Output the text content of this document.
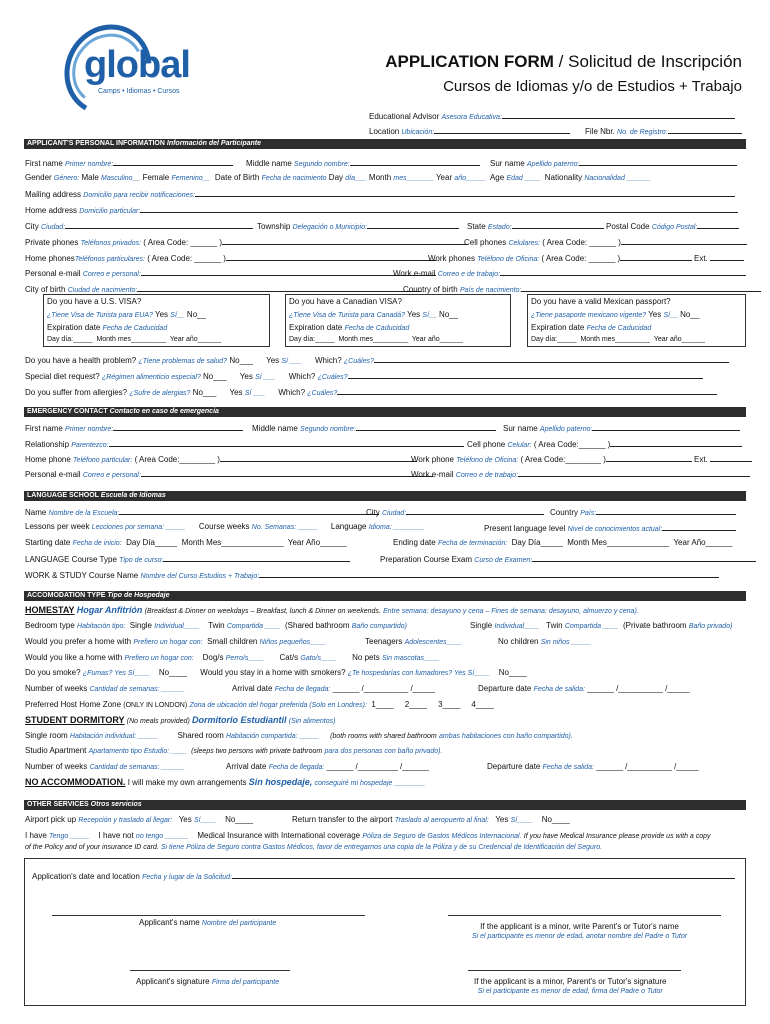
global
Camps • Idiomas • Cursos
APPLICATION FORM / Solicitud de Inscripción
Cursos de Idiomas y/o de Estudios + Trabajo
Educational Advisor Asesora Educativa:
Location Ubicación:	File Nbr. No. de Registro:
APPLICANT'S PERSONAL INFORMATION Información del Participante
First name Primer nombre:	Middle name Segundo nombre:	Sur name Apellido paterno:
Gender Género: Male Masculino__ Female Femenino__ Date of Birth Fecha de nacimiento Day día___ Month mes_______ Year año_____ Age Edad ____ Nationality Nacionalidad ______
Mailing address Domicilio para recibir notificaciones:
Home address Domicilio particular:
City Ciudad:	Township Delegación o Municipio:	State Estado:	Postal Code Código Postal:
Private phones Teléfonos privados: ( Area Code: ______ )	Cell phones Celulares: ( Area Code: ______ )
Home phonesTeléfonos particulares: ( Area Code: ______ )	Work phones Teléfono de Oficina: ( Area Code: ______ )	Ext.
Personal e-mail Correo e personal:	Work e-mail Correo e de trabajo:
City of birth Ciudad de nacimiento:	Country of birth País de nacimiento:
Do you have a U.S. VISA?
¿Tiene Visa de Turista para EUA? Yes Sí__ No__
Expiration date Fecha de Caducidad
Day día:_____ Month mes_________ Year año______
Do you have a Canadian VISA?
¿Tiene Visa de Turista para Canadá? Yes Sí__ No__
Expiration date Fecha de Caducidad
Day día:_____ Month mes_________ Year año______
Do you have a valid Mexican passport?
¿Tiene pasaporte mexicano vigente? Yes Sí__ No__
Expiration date Fecha de Caducidad
Day día:_____ Month mes_________ Year año______
Do you have a health problem? ¿Tiene problemas de salud? No___ Yes Sí ___ Which? ¿Cuáles?
Special diet request? ¿Régimen alimenticio especial? No___ Yes Sí ___ Which? ¿Cuáles?
Do you suffer from allergies? ¿Sufre de alergias? No___ Yes Sí ___ Which? ¿Cuáles?
EMERGENCY CONTACT Contacto en caso de emergencia
First name Primer nombre:	Middle name Segundo nombre:	Sur name Apellido paterno:
Relationship Parentezco:	Cell phone Celular: ( Area Code:______ )
Home phone Teléfono particular: ( Area Code:________ )	Work phone Teléfono de Oficina: ( Area Code:________ )	Ext.
Personal e-mail Correo e personal:	Work e-mail Correo e de trabajo:
LANGUAGE SCHOOL Escuela de Idiomas
Name Nombre de la Escuela:	City Ciudad:	Country País:
Lessons per week Lecciones por semana: _____ Course weeks No. Semanas: _____ Language Idioma: ________	Present language level Nivel de conocimientos actual:
Starting date Fecha de inicio: Day Día_____ Month Mes______________ Year Año______	Ending date Fecha de terminación: Day Día_____ Month Mes______________ Year Año______
LANGUAGE Course Type Tipo de curso:	Preparation Course Exam Curso de Examen:
WORK & STUDY Course Name Nombre del Curso Estudios + Trabajo:
ACCOMODATION TYPE Tipo de Hospedaje
HOMESTAY Hogar Anfitrión (Breakfast & Dinner on weekdays – Breakfast, lunch & Dinner on weekends. Entre semana: desayuno y cena – Fines de semana: desayuno, almuerzo y cena).
Bedroom type Habitación tipo: Single Individual____ Twin Compartida ____ (Shared bathroom Baño compartido)	Single Individual____ Twin Compartida ____ (Private bathroom Baño privado)
Would you prefer a home with Prefiero un hogar con: Small children Niños pequeños____	Teenagers Adolescentes____	No children Sin niños _____
Would you like a home with Prefiero un hogar con: Dog/s Perro/s____ Cat/s Gato/s____ No pets Sin mascotas____
Do you smoke? ¿Fumas? Yes Sí____ No____ Would you stay in a home with smokers? ¿Te hospedarías con fumadores? Yes Sí____ No____
Number of weeks Cantidad de semanas: ______	Arrival date Fecha de llegada: ______ /__________ /_____	Departure date Fecha de salida: ______ /__________ /_____
Preferred Host Home Zone (ONLY IN LONDON) Zona de ubicación del hogar preferida (Solo en Londres): 1____     2____     3____     4____
STUDENT DORMITORY (No meals provided) Dormitorio Estudiantil (Sin alimentos)
Single room Habitación individual: _____	Shared room Habitación compartida: _____ (both rooms with shared bathroom ambas habitaciones con baño compartido).
Studio Apartment Apartamento tipo Estudio: ____ (sleeps two persons with private bathroom para dos personas con baño privado).
Number of weeks Cantidad de semanas: ______	Arrival date Fecha de llegada: ______ /_________ /______	Departure date Fecha de salida: ______ /__________ /_____
NO ACCOMMODATION. I will make my own arrangements Sin hospedaje, conseguiré mi hospedaje ________
OTHER SERVICES Otros servicios
Airport pick up Recepción y traslado al llegar: Yes Sí____ No____	Return transfer to the airport Traslado al aeropuerto al final: Yes Sí____ No____
I have Tengo _____ I have not no tengo ______ Medical Insurance with International coverage Póliza de Seguro de Gastos Médicos Internacional. If you have Medical Insurance please provide us with a copy
of the Policy and of your insurance ID card. Si tiene Póliza de Seguro contra Gastos Médicos, favor de entregarnos una copia de la Póliza y de su Credencial de Identificación del Seguro.
Application's date and location Fecha y lugar de la Solicitud:
Applicant's name Nombre del participante	If the applicant is a minor, write Parent's or Tutor's name
Si el participante es menor de edad, anotar nombre del Padre o Tutor
Applicant's signature Firma del participante	If the applicant is a minor, Parent's or Tutor's signature
Si el participante es menor de edad, firma del Padre o Tutor
